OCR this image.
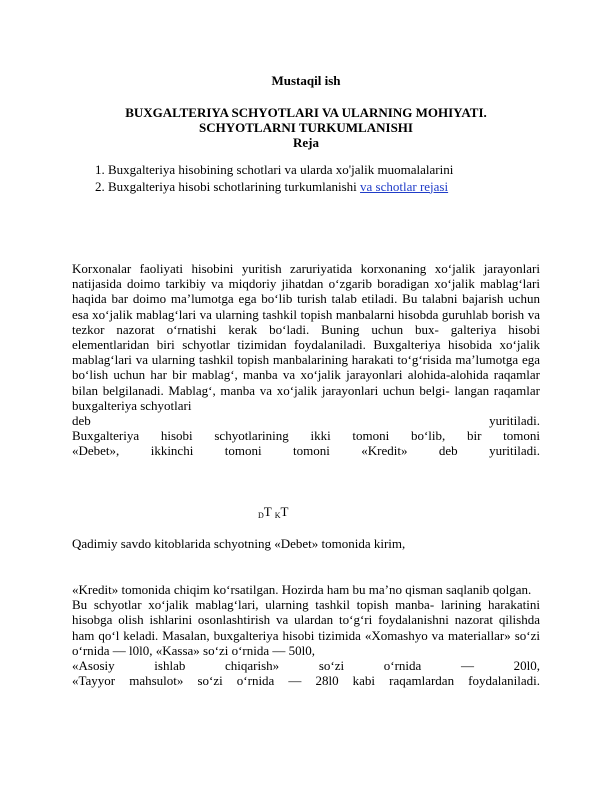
Mustaqil ish
BUXGALTERIYA SCHYOTLARI VA ULARNING MOHIYATI.
SCHYOTLARNI TURKUMLANISHI
Reja
1. Buxgalteriya hisobining schotlari va ularda xo'jalik muomalalarini
2. Buxgalteriya hisobi schotlarining turkumlanishi va schotlar rejasi
Korxonalar faoliyati hisobini yuritish zaruriyatida korxonaning xo‘jalik jarayonlari natijasida doimo tarkibiy va miqdoriy jihatdan o‘zgarib boradigan xo‘jalik mablag‘lari haqida bar doimo ma’lumotga ega bo‘lib turish talab etiladi. Bu talabni bajarish uchun esa xo‘jalik mablag‘lari va ularning tashkil topish manbalarni hisobda guruhlab borish va tezkor nazorat o‘rnatishi kerak bo‘ladi. Buning uchun bux- galteriya hisobi elementlaridan biri schyotlar tizimidan foydalaniladi. Buxgalteriya hisobida xo‘jalik mablag‘lari va ularning tashkil topish manbalarining harakati to‘g‘risida ma’lumotga ega bo‘lish uchun har bir mablag‘, manba va xo‘jalik jarayonlari alohida-alohida raqamlar bilan belgilanadi. Mablag‘, manba va xo‘jalik jarayonlari uchun belgi- langan raqamlar buxgalteriya schyotlari
deb	yuritiladi.
Buxgalteriya hisobi schyotlarining ikki tomoni bo‘lib, bir tomoni
«Debet», ikkinchi tomoni tomoni «Kredit» deb yuritiladi.
$_D$T $_K$T
Qadimiy savdo kitoblarida schyotning «Debet» tomonida kirim,
«Kredit» tomonida chiqim ko‘rsatilgan. Hozirda ham bu ma’no qisman saqlanib qolgan.
Bu schyotlar xo‘jalik mablag‘lari, ularning tashkil topish manba- larining harakatini hisobga olish ishlarini osonlashtirish va ulardan to‘g‘ri foydalanishni nazorat qilishda ham qo‘l keladi. Masalan, buxgalteriya hisobi tizimida «Xomashyo va materiallar» so‘zi o‘rnida — l0l0, «Kassa» so‘zi o‘rnida — 50l0,
«Asosiy ishlab chiqarish» so‘zi o‘rnida — 20l0,
«Tayyor mahsulot» so‘zi o‘rnida — 28l0 kabi raqamlardan foydalaniladi.
